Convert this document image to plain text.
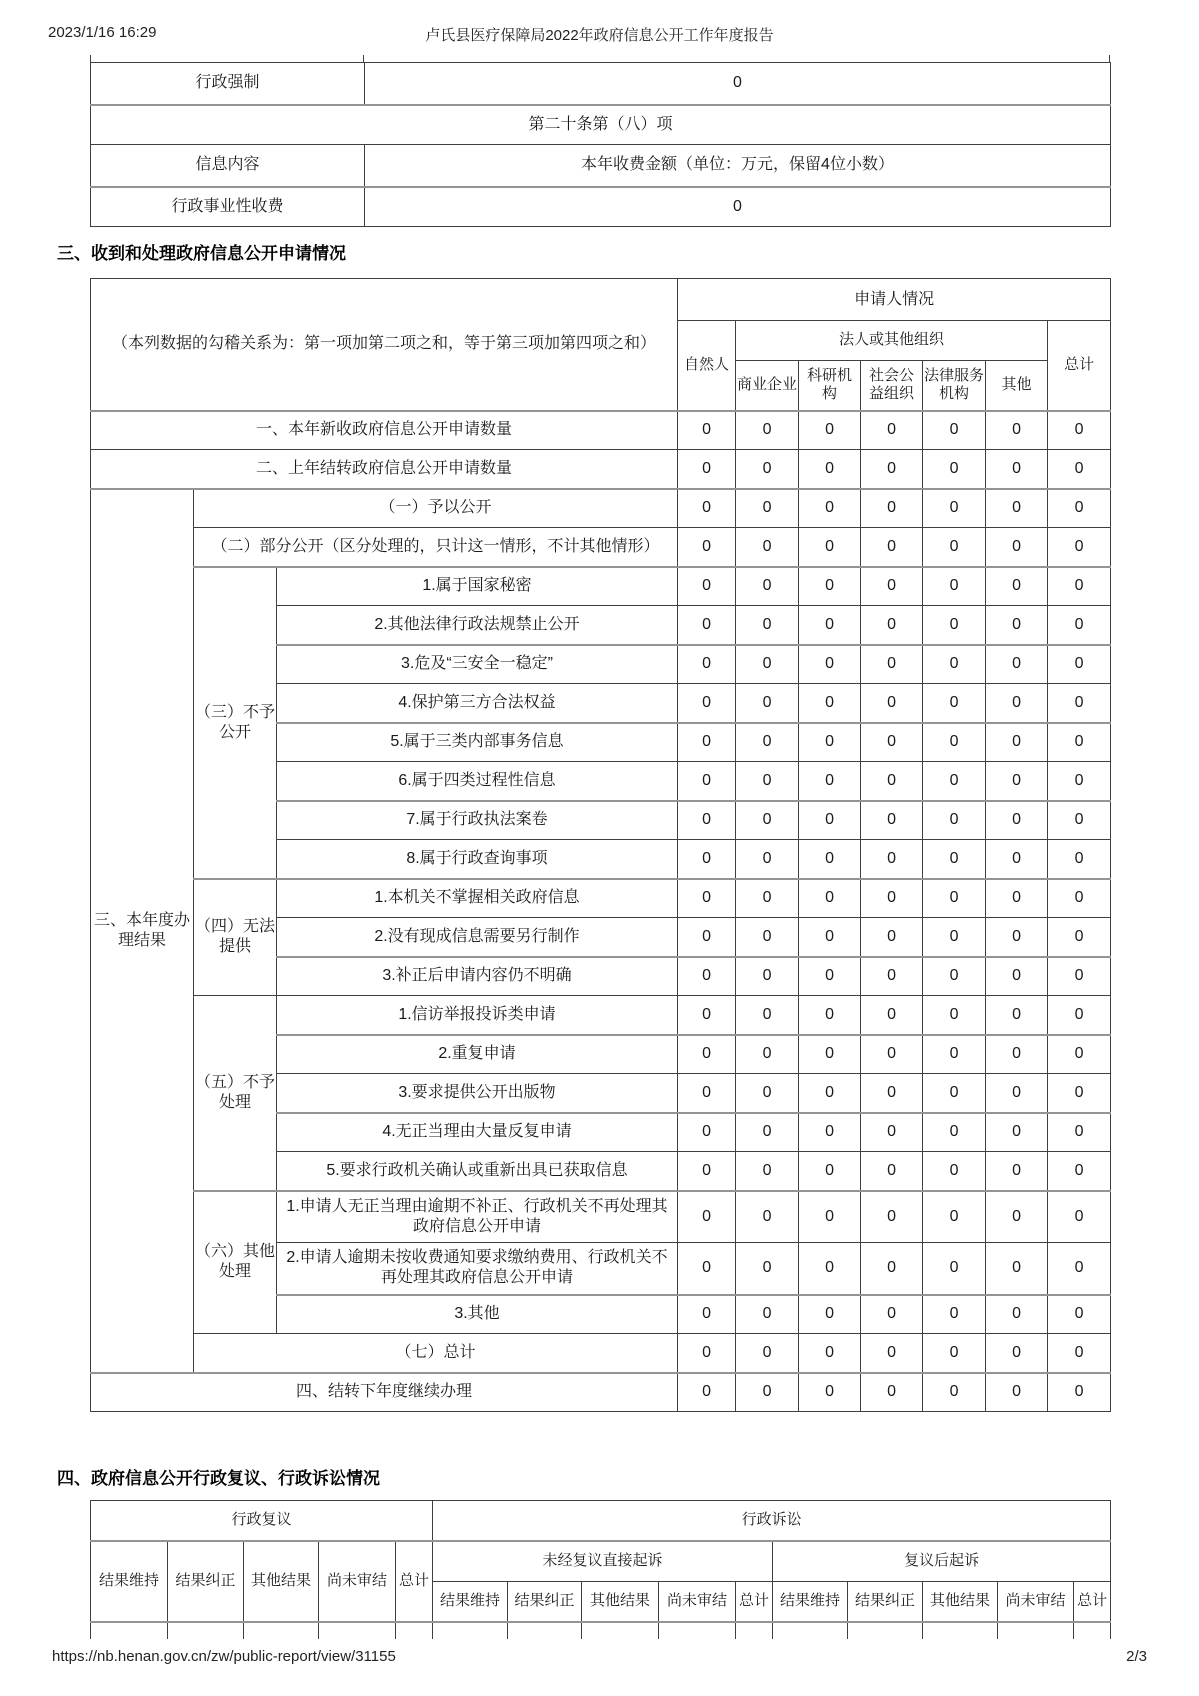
2023/1/16 16:29	卢氏县医疗保障局2022年政府信息公开工作年度报告
行政强制	0
第二十条第（八）项	
信息内容	本年收费金额（单位：万元，保留4位小数）
行政事业性收费	0
三、收到和处理政府信息公开申请情况
（本列数据的勾稽关系为：第一项加第二项之和，等于第三项加第四项之和）			申请人情况						
			自然人	法人或其他组织					总计
				商业企业	科研机构	社会公益组织	法律服务机构	其他	
一、本年新收政府信息公开申请数量			0	0	0	0	0	0	0
二、上年结转政府信息公开申请数量			0	0	0	0	0	0	0
三、本年度办理结果	（一）予以公开		0	0	0	0	0	0	0
	（二）部分公开（区分处理的，只计这一情形，不计其他情形）		0	0	0	0	0	0	0
	（三）不予公开	1.属于国家秘密	0	0	0	0	0	0	0
		2.其他法律行政法规禁止公开	0	0	0	0	0	0	0
		3.危及“三安全一稳定”	0	0	0	0	0	0	0
		4.保护第三方合法权益	0	0	0	0	0	0	0
		5.属于三类内部事务信息	0	0	0	0	0	0	0
		6.属于四类过程性信息	0	0	0	0	0	0	0
		7.属于行政执法案卷	0	0	0	0	0	0	0
		8.属于行政查询事项	0	0	0	0	0	0	0
	（四）无法提供	1.本机关不掌握相关政府信息	0	0	0	0	0	0	0
		2.没有现成信息需要另行制作	0	0	0	0	0	0	0
		3.补正后申请内容仍不明确	0	0	0	0	0	0	0
	（五）不予处理	1.信访举报投诉类申请	0	0	0	0	0	0	0
		2.重复申请	0	0	0	0	0	0	0
		3.要求提供公开出版物	0	0	0	0	0	0	0
		4.无正当理由大量反复申请	0	0	0	0	0	0	0
		5.要求行政机关确认或重新出具已获取信息	0	0	0	0	0	0	0
	（六）其他处理	1.申请人无正当理由逾期不补正、行政机关不再处理其政府信息公开申请	0	0	0	0	0	0	0
		2.申请人逾期未按收费通知要求缴纳费用、行政机关不再处理其政府信息公开申请	0	0	0	0	0	0	0
		3.其他	0	0	0	0	0	0	0
	（七）总计		0	0	0	0	0	0	0
四、结转下年度继续办理			0	0	0	0	0	0	0
四、政府信息公开行政复议、行政诉讼情况
行政复议					行政诉讼									
结果维持	结果纠正	其他结果	尚未审结	总计	未经复议直接起诉					复议后起诉				
					结果维持	结果纠正	其他结果	尚未审结	总计	结果维持	结果纠正	其他结果	尚未审结	总计

https://nb.henan.gov.cn/zw/public-report/view/31155	2/3
